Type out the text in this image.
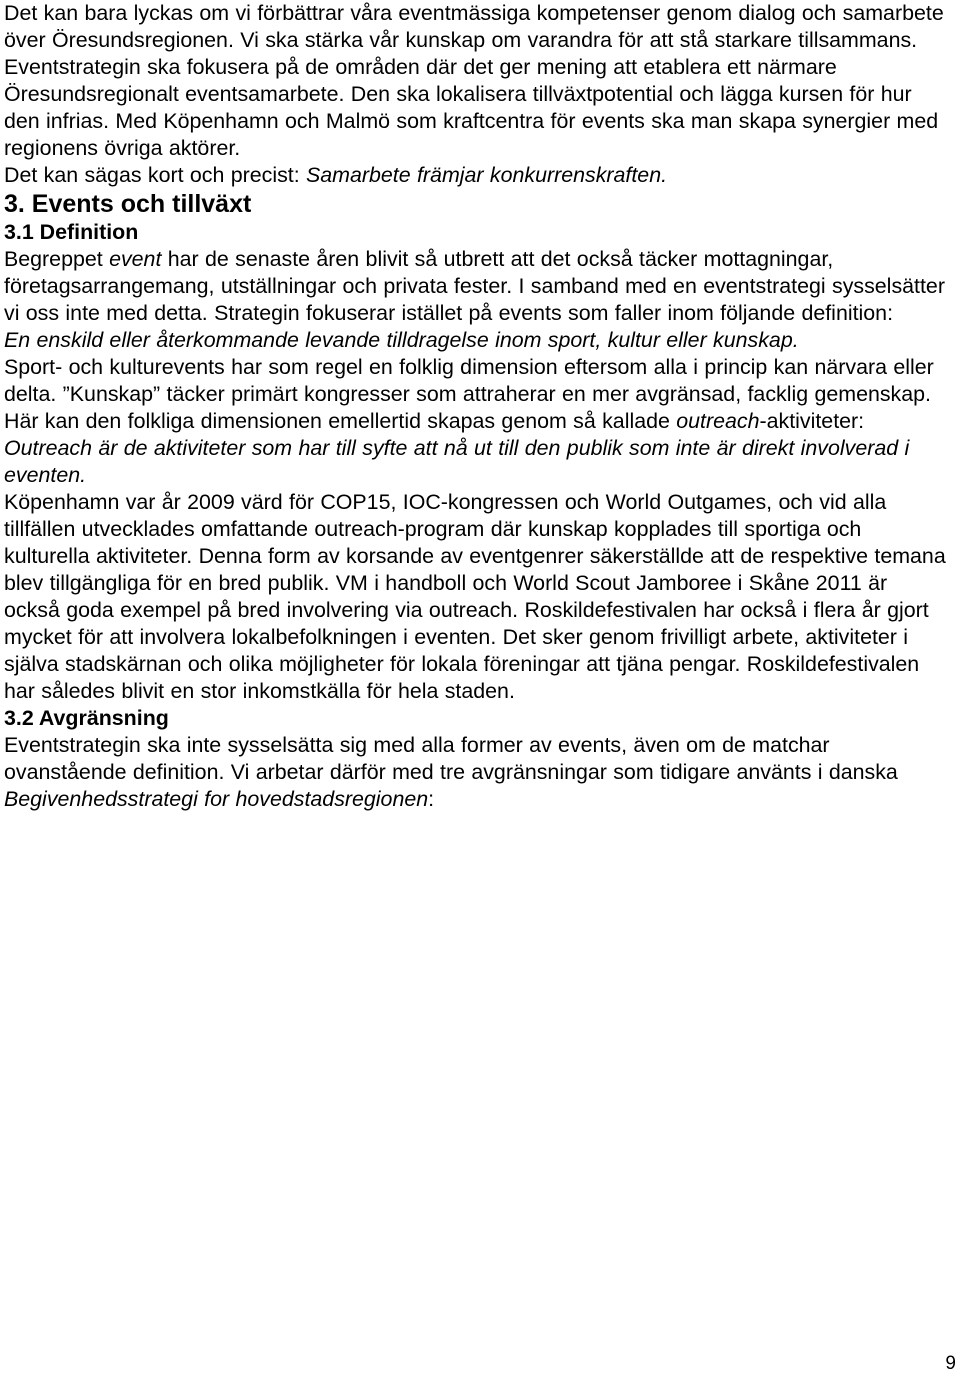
Det kan bara lyckas om vi förbättrar våra eventmässiga kompetenser genom dialog och samarbete över Öresundsregionen. Vi ska stärka vår kunskap om varandra för att stå starkare tillsammans.

Eventstrategin ska fokusera på de områden där det ger mening att etablera ett närmare Öresundsregionalt eventsamarbete. Den ska lokalisera tillväxtpotential och lägga kursen för hur den infrias. Med Köpenhamn och Malmö som kraftcentra för events ska man skapa synergier med regionens övriga aktörer.

Det kan sägas kort och precist: Samarbete främjar konkurrenskraften.

3. Events och tillväxt
3.1 Definition

Begreppet event har de senaste åren blivit så utbrett att det också täcker mottagningar, företagsarrangemang, utställningar och privata fester. I samband med en eventstrategi sysselsätter vi oss inte med detta. Strategin fokuserar istället på events som faller inom följande definition:

En enskild eller återkommande levande tilldragelse inom sport, kultur eller kunskap.

Sport- och kulturevents har som regel en folklig dimension eftersom alla i princip kan närvara eller delta. ”Kunskap” täcker primärt kongresser som attraherar en mer avgränsad, facklig gemenskap. Här kan den folkliga dimensionen emellertid skapas genom så kallade outreach-aktiviteter:

Outreach är de aktiviteter som har till syfte att nå ut till den publik som inte är direkt involverad i eventen.

Köpenhamn var år 2009 värd för COP15, IOC-kongressen och World Outgames, och vid alla tillfällen utvecklades omfattande outreach-program där kunskap kopplades till sportiga och kulturella aktiviteter. Denna form av korsande av eventgenrer säkerställde att de respektive temana blev tillgängliga för en bred publik. VM i handboll och World Scout Jamboree i Skåne 2011 är också goda exempel på bred involvering via outreach. Roskildefestivalen har också i flera år gjort mycket för att involvera lokalbefolkningen i eventen. Det sker genom frivilligt arbete, aktiviteter i själva stadskärnan och olika möjligheter för lokala föreningar att tjäna pengar. Roskildefestivalen har således blivit en stor inkomstkälla för hela staden.

3.2 Avgränsning

Eventstrategin ska inte sysselsätta sig med alla former av events, även om de matchar ovanstående definition. Vi arbetar därför med tre avgränsningar som tidigare använts i danska Begivenhedsstrategi for hovedstadsregionen:

9
